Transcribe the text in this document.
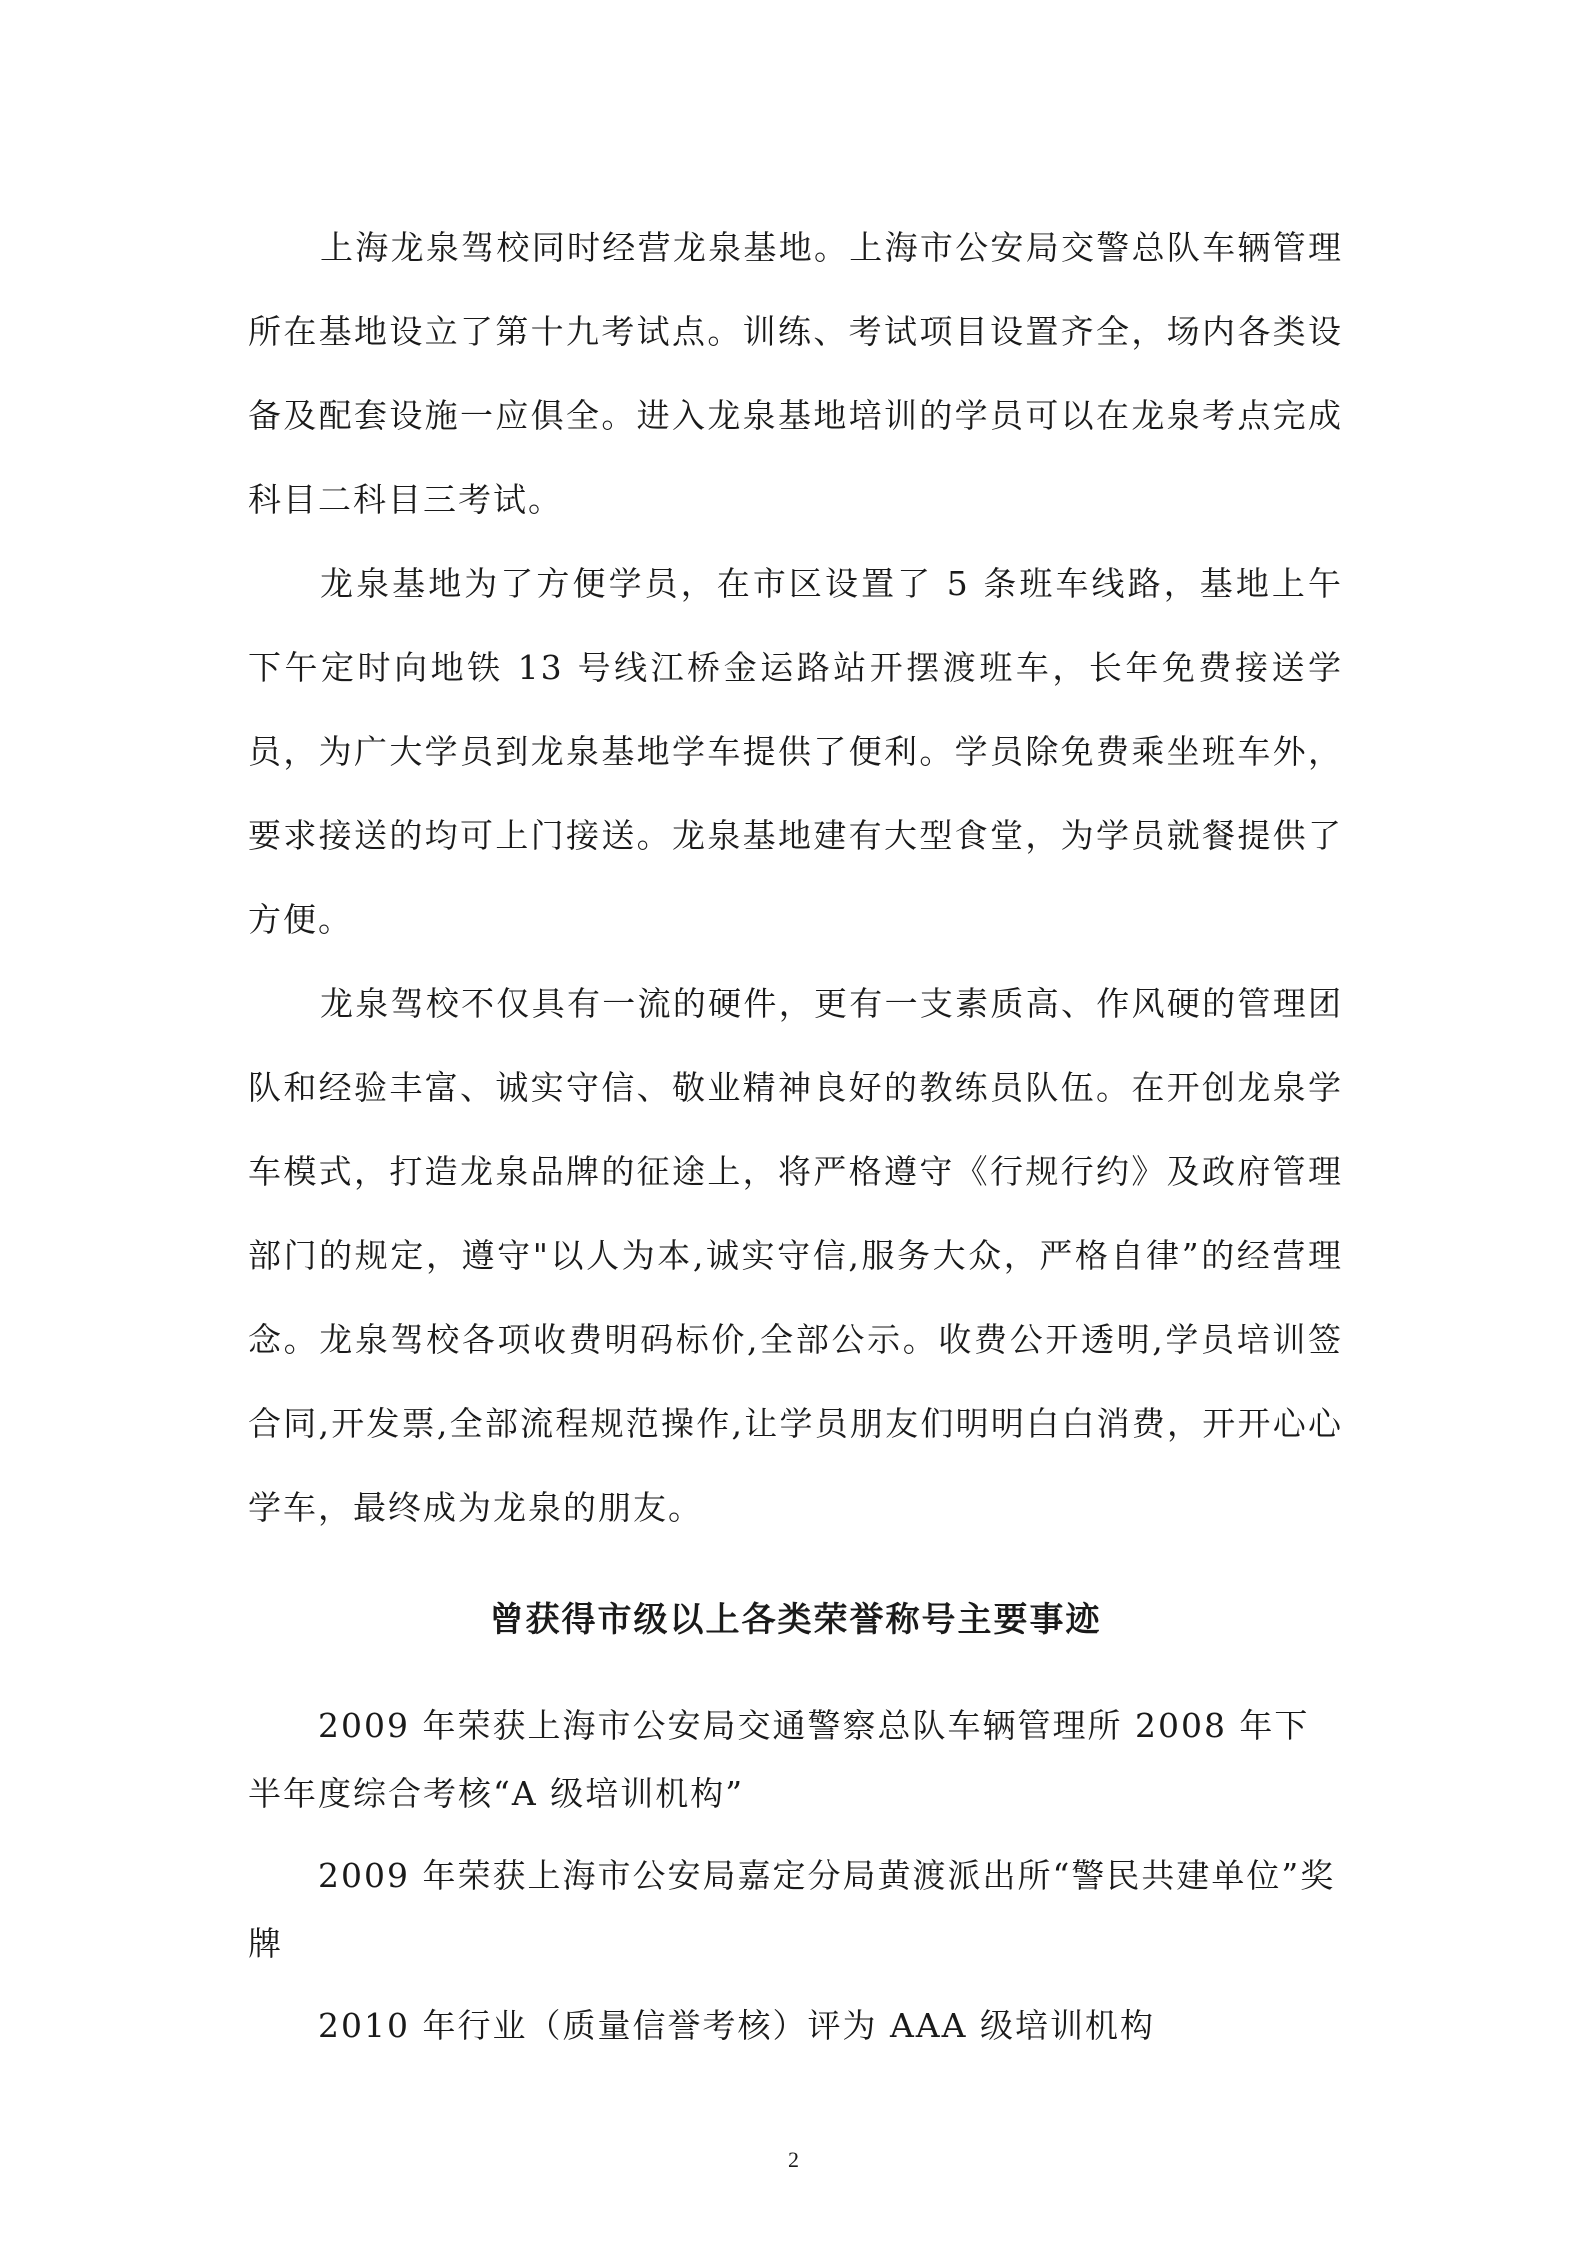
上海龙泉驾校同时经营龙泉基地。上海市公安局交警总队车辆管理所在基地设立了第十九考试点。训练、考试项目设置齐全，场内各类设备及配套设施一应俱全。进入龙泉基地培训的学员可以在龙泉考点完成科目二科目三考试。

龙泉基地为了方便学员，在市区设置了 5 条班车线路，基地上午下午定时向地铁 13 号线江桥金运路站开摆渡班车，长年免费接送学员，为广大学员到龙泉基地学车提供了便利。学员除免费乘坐班车外，要求接送的均可上门接送。龙泉基地建有大型食堂，为学员就餐提供了方便。

龙泉驾校不仅具有一流的硬件，更有一支素质高、作风硬的管理团队和经验丰富、诚实守信、敬业精神良好的教练员队伍。在开创龙泉学车模式，打造龙泉品牌的征途上，将严格遵守《行规行约》及政府管理部门的规定，遵守"以人为本,诚实守信,服务大众，严格自律”的经营理念。龙泉驾校各项收费明码标价,全部公示。收费公开透明,学员培训签合同,开发票,全部流程规范操作,让学员朋友们明明白白消费，开开心心学车，最终成为龙泉的朋友。

曾获得市级以上各类荣誉称号主要事迹

2009 年荣获上海市公安局交通警察总队车辆管理所 2008 年下半年度综合考核“A 级培训机构”

2009 年荣获上海市公安局嘉定分局黄渡派出所“警民共建单位”奖牌

2010 年行业（质量信誉考核）评为 AAA 级培训机构

2
